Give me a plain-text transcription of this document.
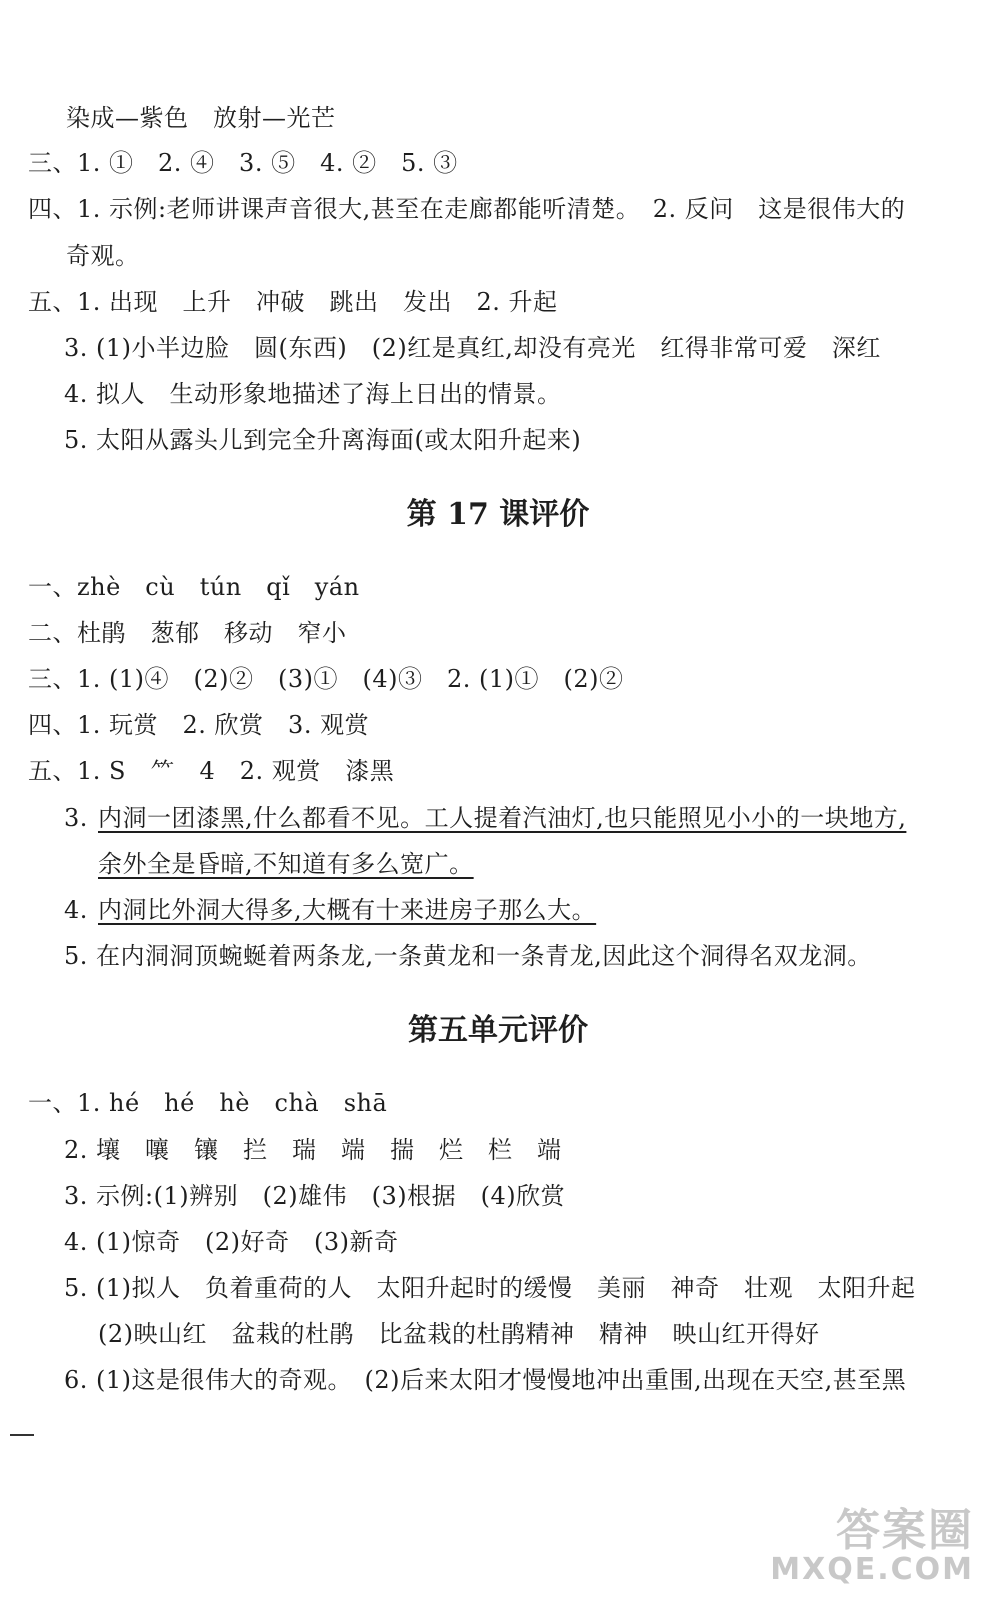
染成—紫色　放射—光芒
三、1. ①　2. ④　3. ⑤　4. ②　5. ③
四、1. 示例:老师讲课声音很大,甚至在走廊都能听清楚。　2. 反问　这是很伟大的
奇观。
五、1. 出现　上升　冲破　跳出　发出　2. 升起
3. (1)小半边脸　圆(东西)　(2)红是真红,却没有亮光　红得非常可爱　深红
4. 拟人　生动形象地描述了海上日出的情景。
5. 太阳从露头儿到完全升离海面(或太阳升起来)
第 17 课评价
一、zhè　cù　tún　qǐ　yán
二、杜鹃　葱郁　移动　窄小
三、1. (1)④　(2)②　(3)①　(4)③　2. (1)①　(2)②
四、1. 玩赏　2. 欣赏　3. 观赏
五、1. S　⺮　4　2. 观赏　漆黑
3. 内洞一团漆黑,什么都看不见。工人提着汽油灯,也只能照见小小的一块地方,
余外全是昏暗,不知道有多么宽广。
4. 内洞比外洞大得多,大概有十来进房子那么大。
5. 在内洞洞顶蜿蜒着两条龙,一条黄龙和一条青龙,因此这个洞得名双龙洞。
第五单元评价
一、1. hé　hé　hè　chà　shā
2. 壤　嚷　镶　拦　瑞　端　揣　烂　栏　端
3. 示例:(1)辨别　(2)雄伟　(3)根据　(4)欣赏
4. (1)惊奇　(2)好奇　(3)新奇
5. (1)拟人　负着重荷的人　太阳升起时的缓慢　美丽　神奇　壮观　太阳升起
(2)映山红　盆栽的杜鹃　比盆栽的杜鹃精神　精神　映山红开得好
6. (1)这是很伟大的奇观。　(2)后来太阳才慢慢地冲出重围,出现在天空,甚至黑
答案圈
MXQE.COM
